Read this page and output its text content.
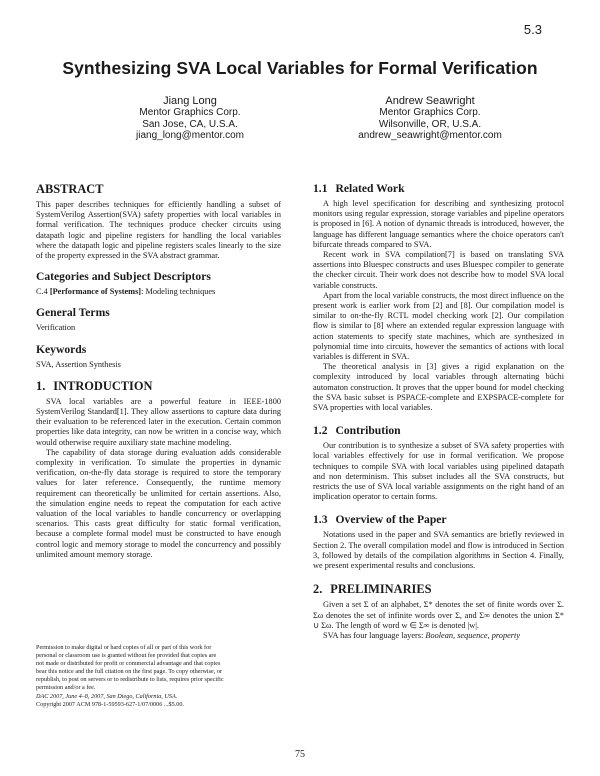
5.3
Synthesizing SVA Local Variables for Formal Verification
Jiang Long
Mentor Graphics Corp.
San Jose, CA, U.S.A.
jiang_long@mentor.com
Andrew Seawright
Mentor Graphics Corp.
Wilsonville, OR, U.S.A.
andrew_seawright@mentor.com
ABSTRACT

This paper describes techniques for efficiently handling a subset of SystemVerilog Assertion(SVA) safety properties with local variables in formal verification. The techniques produce checker circuits using datapath logic and pipeline registers for handling the local variables where the datapath logic and pipeline registers scales linearly to the size of the property expressed in the SVA abstract grammar.

Categories and Subject Descriptors

C.4 [Performance of Systems]: Modeling techniques

General Terms

Verification

Keywords

SVA, Assertion Synthesis

1. INTRODUCTION

SVA local variables are a powerful feature in IEEE-1800 SystemVerilog Standard[1]. They allow assertions to capture data during their evaluation to be referenced later in the execution. Certain common properties like data integrity, can now be written in a concise way, which would otherwise require auxiliary state machine modeling.

The capability of data storage during evaluation adds considerable complexity in verification. To simulate the properties in dynamic verification, on-the-fly data storage is required to store the temporary values for later reference. Consequently, the runtime memory requirement can theoretically be unlimited for certain assertions. Also, the simulation engine needs to repeat the computation for each active valuation of the local variables to handle concurrency or overlapping scenarios. This casts great difficulty for static formal verification, because a complete formal model must be constructed to have enough control logic and memory storage to model the concurrency and possibly unlimited amount memory storage.

Permission to make digital or hard copies of all or part of this work for
personal or classroom use is granted without fee provided that copies are
not made or distributed for profit or commercial advantage and that copies
bear this notice and the full citation on the first page. To copy otherwise, or
republish, to post on servers or to redistribute to lists, requires prior specific
permission and/or a fee.
DAC 2007, June 4–8, 2007, San Diego, California, USA.
Copyright 2007 ACM 978-1-59593-627-1/07/0006 ...$5.00.
1.1 Related Work

A high level specification for describing and synthesizing protocol monitors using regular expression, storage variables and pipeline operators is proposed in [6]. A notion of dynamic threads is introduced, however, the language has different language semantics where the choice operators can't bifurcate threads compared to SVA.

Recent work in SVA compilation[7] is based on translating SVA assertions into Bluespec constructs and uses Bluespec compiler to generate the checker circuit. Their work does not describe how to model SVA local variable constructs.

Apart from the local variable constructs, the most direct influence on the present work is earlier work from [2] and [8]. Our compilation model is similar to on-the-fly RCTL model checking work [2]. Our compilation flow is similar to [8] where an extended regular expression language with action statements to specify state machines, which are synthesized in polynomial time into circuits, however the semantics of actions with local variables is different in SVA.

The theoretical analysis in [3] gives a rigid explanation on the complexity introduced by local variables through alternating büchi automaton construction. It proves that the upper bound for model checking the SVA basic subset is PSPACE-complete and EXPSPACE-complete for SVA properties with local variables.

1.2 Contribution

Our contribution is to synthesize a subset of SVA safety properties with local variables effectively for use in formal verification. We propose techniques to compile SVA with local variables using pipelined datapath and non determinism. This subset includes all the SVA constructs, but restricts the use of SVA local variable assignments on the right hand of an implication operator to certain forms.

1.3 Overview of the Paper

Notations used in the paper and SVA semantics are briefly reviewed in Section 2. The overall compilation model and flow is introduced in Section 3, followed by details of the compilation algorithms in Section 4. Finally, we present experimental results and conclusions.

2. PRELIMINARIES

Given a set Σ of an alphabet, Σ* denotes the set of finite words over Σ. Σω denotes the set of infinite words over Σ, and Σ∞ denotes the union Σ* ∪ Σω. The length of word w ∈ Σ∞ is denoted |w|.

SVA has four language layers: Boolean, sequence, property

75
